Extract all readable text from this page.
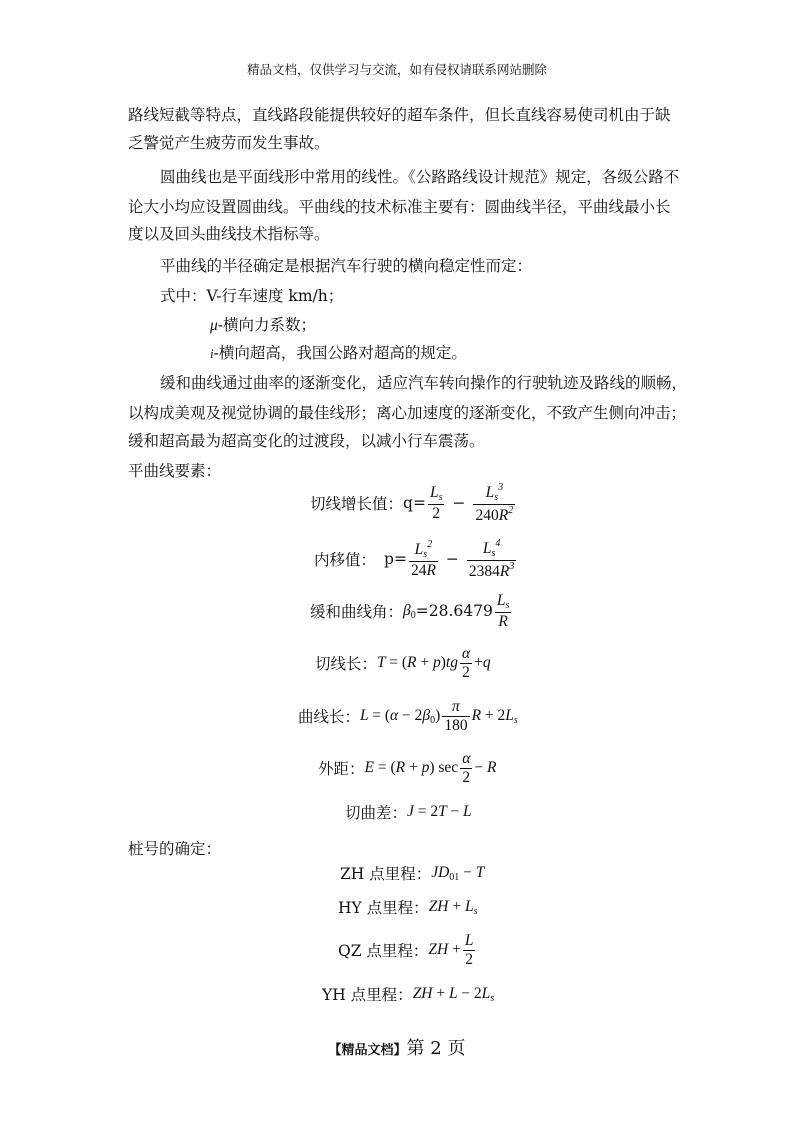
精品文档，仅供学习与交流，如有侵权请联系网站删除
路线短截等特点，直线路段能提供较好的超车条件，但长直线容易使司机由于缺
乏警觉产生疲劳而发生事故。
圆曲线也是平面线形中常用的线性。《公路路线设计规范》规定，各级公路不
论大小均应设置圆曲线。平曲线的技术标准主要有：圆曲线半径，平曲线最小长
度以及回头曲线技术指标等。
平曲线的半径确定是根据汽车行驶的横向稳定性而定：
式中：V-行车速度 km/h；
μ-横向力系数；
i-横向超高，我国公路对超高的规定。
缓和曲线通过曲率的逐渐变化，适应汽车转向操作的行驶轨迹及路线的顺畅，
以构成美观及视觉协调的最佳线形；离心加速度的逐渐变化，不致产生侧向冲击；
缓和超高最为超高变化的过渡段，以减小行车震荡。
平曲线要素：
切线增长值： $q= \frac{L_s}{2} - \frac{L_s^3}{240R^2}$
内移值： $p= \frac{L_s^2}{24R} - \frac{L_s^4}{2384R^3}$
缓和曲线角： $\beta_0 =28.6479 \frac{L_s}{R}$
切线长： $T = (R + p)tg \frac{\alpha}{2} +q$
曲线长： $L = (\alpha - 2\beta_0) \frac{\pi}{180}$ $R + 2L_s$
外距： E = (R + p) $\sec \frac{\alpha}{2} - R$
切曲差： J = 2T − L
桩号的确定：
ZH 点里程： $JD_{01} - T$
HY 点里程： ZH + $L_s$
QZ 点里程： ZH + $\frac{L}{2}$
YH 点里程： ZH + $L - 2L_s$
【精品文档】第 2 页
